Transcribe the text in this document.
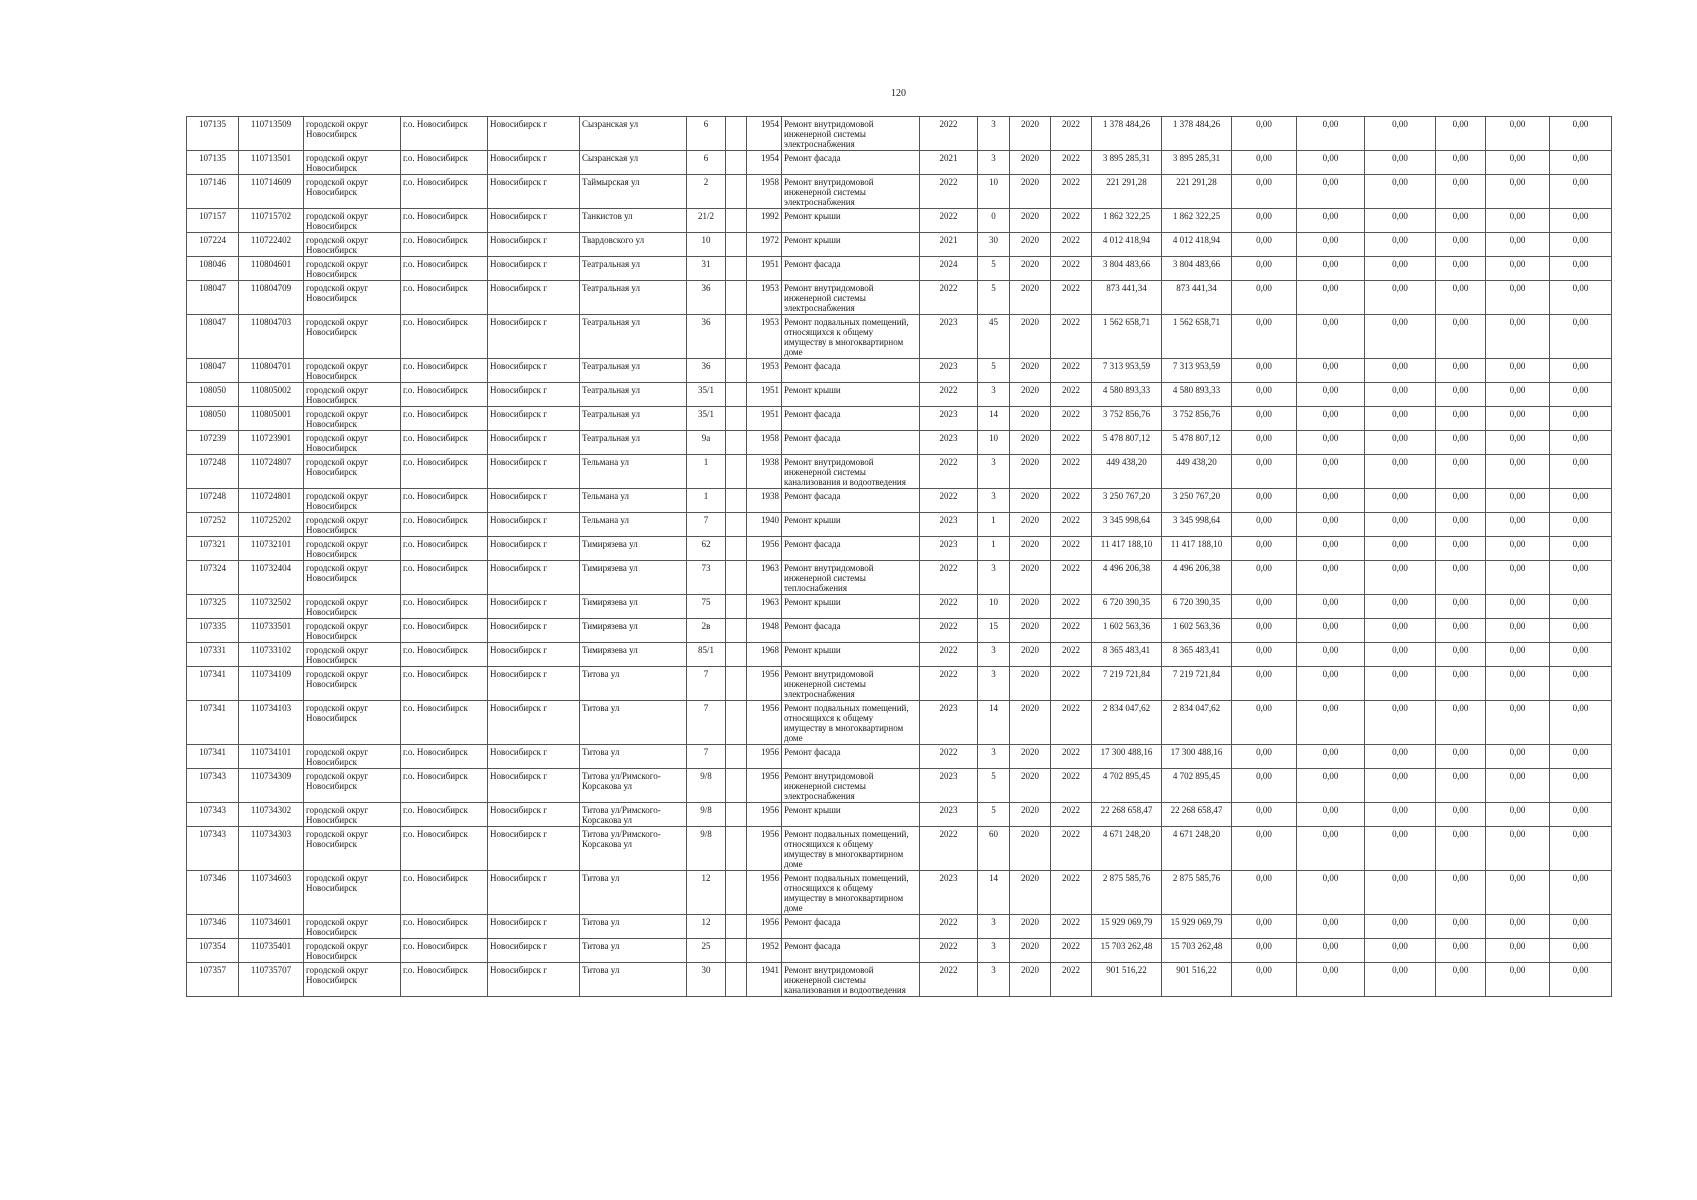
120
107135	110713509	городской округ Новосибирск	г.о. Новосибирск	Новосибирск г	Сызранская ул	6		1954	Ремонт внутридомовой инженерной системы электроснабжения	2022	3	2020	2022	1 378 484,26	1 378 484,26	0,00	0,00	0,00	0,00	0,00	0,00
107135	110713501	городской округ Новосибирск	г.о. Новосибирск	Новосибирск г	Сызранская ул	6		1954	Ремонт фасада	2021	3	2020	2022	3 895 285,31	3 895 285,31	0,00	0,00	0,00	0,00	0,00	0,00
107146	110714609	городской округ Новосибирск	г.о. Новосибирск	Новосибирск г	Таймырская ул	2		1958	Ремонт внутридомовой инженерной системы электроснабжения	2022	10	2020	2022	221 291,28	221 291,28	0,00	0,00	0,00	0,00	0,00	0,00
107157	110715702	городской округ Новосибирск	г.о. Новосибирск	Новосибирск г	Танкистов ул	21/2		1992	Ремонт крыши	2022	0	2020	2022	1 862 322,25	1 862 322,25	0,00	0,00	0,00	0,00	0,00	0,00
107224	110722402	городской округ Новосибирск	г.о. Новосибирск	Новосибирск г	Твардовского ул	10		1972	Ремонт крыши	2021	30	2020	2022	4 012 418,94	4 012 418,94	0,00	0,00	0,00	0,00	0,00	0,00
108046	110804601	городской округ Новосибирск	г.о. Новосибирск	Новосибирск г	Театральная ул	31		1951	Ремонт фасада	2024	5	2020	2022	3 804 483,66	3 804 483,66	0,00	0,00	0,00	0,00	0,00	0,00
108047	110804709	городской округ Новосибирск	г.о. Новосибирск	Новосибирск г	Театральная ул	36		1953	Ремонт внутридомовой инженерной системы электроснабжения	2022	5	2020	2022	873 441,34	873 441,34	0,00	0,00	0,00	0,00	0,00	0,00
108047	110804703	городской округ Новосибирск	г.о. Новосибирск	Новосибирск г	Театральная ул	36		1953	Ремонт подвальных помещений, относящихся к общему имуществу в многоквартирном доме	2023	45	2020	2022	1 562 658,71	1 562 658,71	0,00	0,00	0,00	0,00	0,00	0,00
108047	110804701	городской округ Новосибирск	г.о. Новосибирск	Новосибирск г	Театральная ул	36		1953	Ремонт фасада	2023	5	2020	2022	7 313 953,59	7 313 953,59	0,00	0,00	0,00	0,00	0,00	0,00
108050	110805002	городской округ Новосибирск	г.о. Новосибирск	Новосибирск г	Театральная ул	35/1		1951	Ремонт крыши	2022	3	2020	2022	4 580 893,33	4 580 893,33	0,00	0,00	0,00	0,00	0,00	0,00
108050	110805001	городской округ Новосибирск	г.о. Новосибирск	Новосибирск г	Театральная ул	35/1		1951	Ремонт фасада	2023	14	2020	2022	3 752 856,76	3 752 856,76	0,00	0,00	0,00	0,00	0,00	0,00
107239	110723901	городской округ Новосибирск	г.о. Новосибирск	Новосибирск г	Театральная ул	9а		1958	Ремонт фасада	2023	10	2020	2022	5 478 807,12	5 478 807,12	0,00	0,00	0,00	0,00	0,00	0,00
107248	110724807	городской округ Новосибирск	г.о. Новосибирск	Новосибирск г	Тельмана ул	1		1938	Ремонт внутридомовой инженерной системы канализования и водоотведения	2022	3	2020	2022	449 438,20	449 438,20	0,00	0,00	0,00	0,00	0,00	0,00
107248	110724801	городской округ Новосибирск	г.о. Новосибирск	Новосибирск г	Тельмана ул	1		1938	Ремонт фасада	2022	3	2020	2022	3 250 767,20	3 250 767,20	0,00	0,00	0,00	0,00	0,00	0,00
107252	110725202	городской округ Новосибирск	г.о. Новосибирск	Новосибирск г	Тельмана ул	7		1940	Ремонт крыши	2023	1	2020	2022	3 345 998,64	3 345 998,64	0,00	0,00	0,00	0,00	0,00	0,00
107321	110732101	городской округ Новосибирск	г.о. Новосибирск	Новосибирск г	Тимирязева ул	62		1956	Ремонт фасада	2023	1	2020	2022	11 417 188,10	11 417 188,10	0,00	0,00	0,00	0,00	0,00	0,00
107324	110732404	городской округ Новосибирск	г.о. Новосибирск	Новосибирск г	Тимирязева ул	73		1963	Ремонт внутридомовой инженерной системы теплоснабжения	2022	3	2020	2022	4 496 206,38	4 496 206,38	0,00	0,00	0,00	0,00	0,00	0,00
107325	110732502	городской округ Новосибирск	г.о. Новосибирск	Новосибирск г	Тимирязева ул	75		1963	Ремонт крыши	2022	10	2020	2022	6 720 390,35	6 720 390,35	0,00	0,00	0,00	0,00	0,00	0,00
107335	110733501	городской округ Новосибирск	г.о. Новосибирск	Новосибирск г	Тимирязева ул	2в		1948	Ремонт фасада	2022	15	2020	2022	1 602 563,36	1 602 563,36	0,00	0,00	0,00	0,00	0,00	0,00
107331	110733102	городской округ Новосибирск	г.о. Новосибирск	Новосибирск г	Тимирязева ул	85/1		1968	Ремонт крыши	2022	3	2020	2022	8 365 483,41	8 365 483,41	0,00	0,00	0,00	0,00	0,00	0,00
107341	110734109	городской округ Новосибирск	г.о. Новосибирск	Новосибирск г	Титова ул	7		1956	Ремонт внутридомовой инженерной системы электроснабжения	2022	3	2020	2022	7 219 721,84	7 219 721,84	0,00	0,00	0,00	0,00	0,00	0,00
107341	110734103	городской округ Новосибирск	г.о. Новосибирск	Новосибирск г	Титова ул	7		1956	Ремонт подвальных помещений, относящихся к общему имуществу в многоквартирном доме	2023	14	2020	2022	2 834 047,62	2 834 047,62	0,00	0,00	0,00	0,00	0,00	0,00
107341	110734101	городской округ Новосибирск	г.о. Новосибирск	Новосибирск г	Титова ул	7		1956	Ремонт фасада	2022	3	2020	2022	17 300 488,16	17 300 488,16	0,00	0,00	0,00	0,00	0,00	0,00
107343	110734309	городской округ Новосибирск	г.о. Новосибирск	Новосибирск г	Титова ул/Римского-Корсакова ул	9/8		1956	Ремонт внутридомовой инженерной системы электроснабжения	2023	5	2020	2022	4 702 895,45	4 702 895,45	0,00	0,00	0,00	0,00	0,00	0,00
107343	110734302	городской округ Новосибирск	г.о. Новосибирск	Новосибирск г	Титова ул/Римского-Корсакова ул	9/8		1956	Ремонт крыши	2023	5	2020	2022	22 268 658,47	22 268 658,47	0,00	0,00	0,00	0,00	0,00	0,00
107343	110734303	городской округ Новосибирск	г.о. Новосибирск	Новосибирск г	Титова ул/Римского-Корсакова ул	9/8		1956	Ремонт подвальных помещений, относящихся к общему имуществу в многоквартирном доме	2022	60	2020	2022	4 671 248,20	4 671 248,20	0,00	0,00	0,00	0,00	0,00	0,00
107346	110734603	городской округ Новосибирск	г.о. Новосибирск	Новосибирск г	Титова ул	12		1956	Ремонт подвальных помещений, относящихся к общему имуществу в многоквартирном доме	2023	14	2020	2022	2 875 585,76	2 875 585,76	0,00	0,00	0,00	0,00	0,00	0,00
107346	110734601	городской округ Новосибирск	г.о. Новосибирск	Новосибирск г	Титова ул	12		1956	Ремонт фасада	2022	3	2020	2022	15 929 069,79	15 929 069,79	0,00	0,00	0,00	0,00	0,00	0,00
107354	110735401	городской округ Новосибирск	г.о. Новосибирск	Новосибирск г	Титова ул	25		1952	Ремонт фасада	2022	3	2020	2022	15 703 262,48	15 703 262,48	0,00	0,00	0,00	0,00	0,00	0,00
107357	110735707	городской округ Новосибирск	г.о. Новосибирск	Новосибирск г	Титова ул	30		1941	Ремонт внутридомовой инженерной системы канализования и водоотведения	2022	3	2020	2022	901 516,22	901 516,22	0,00	0,00	0,00	0,00	0,00	0,00
